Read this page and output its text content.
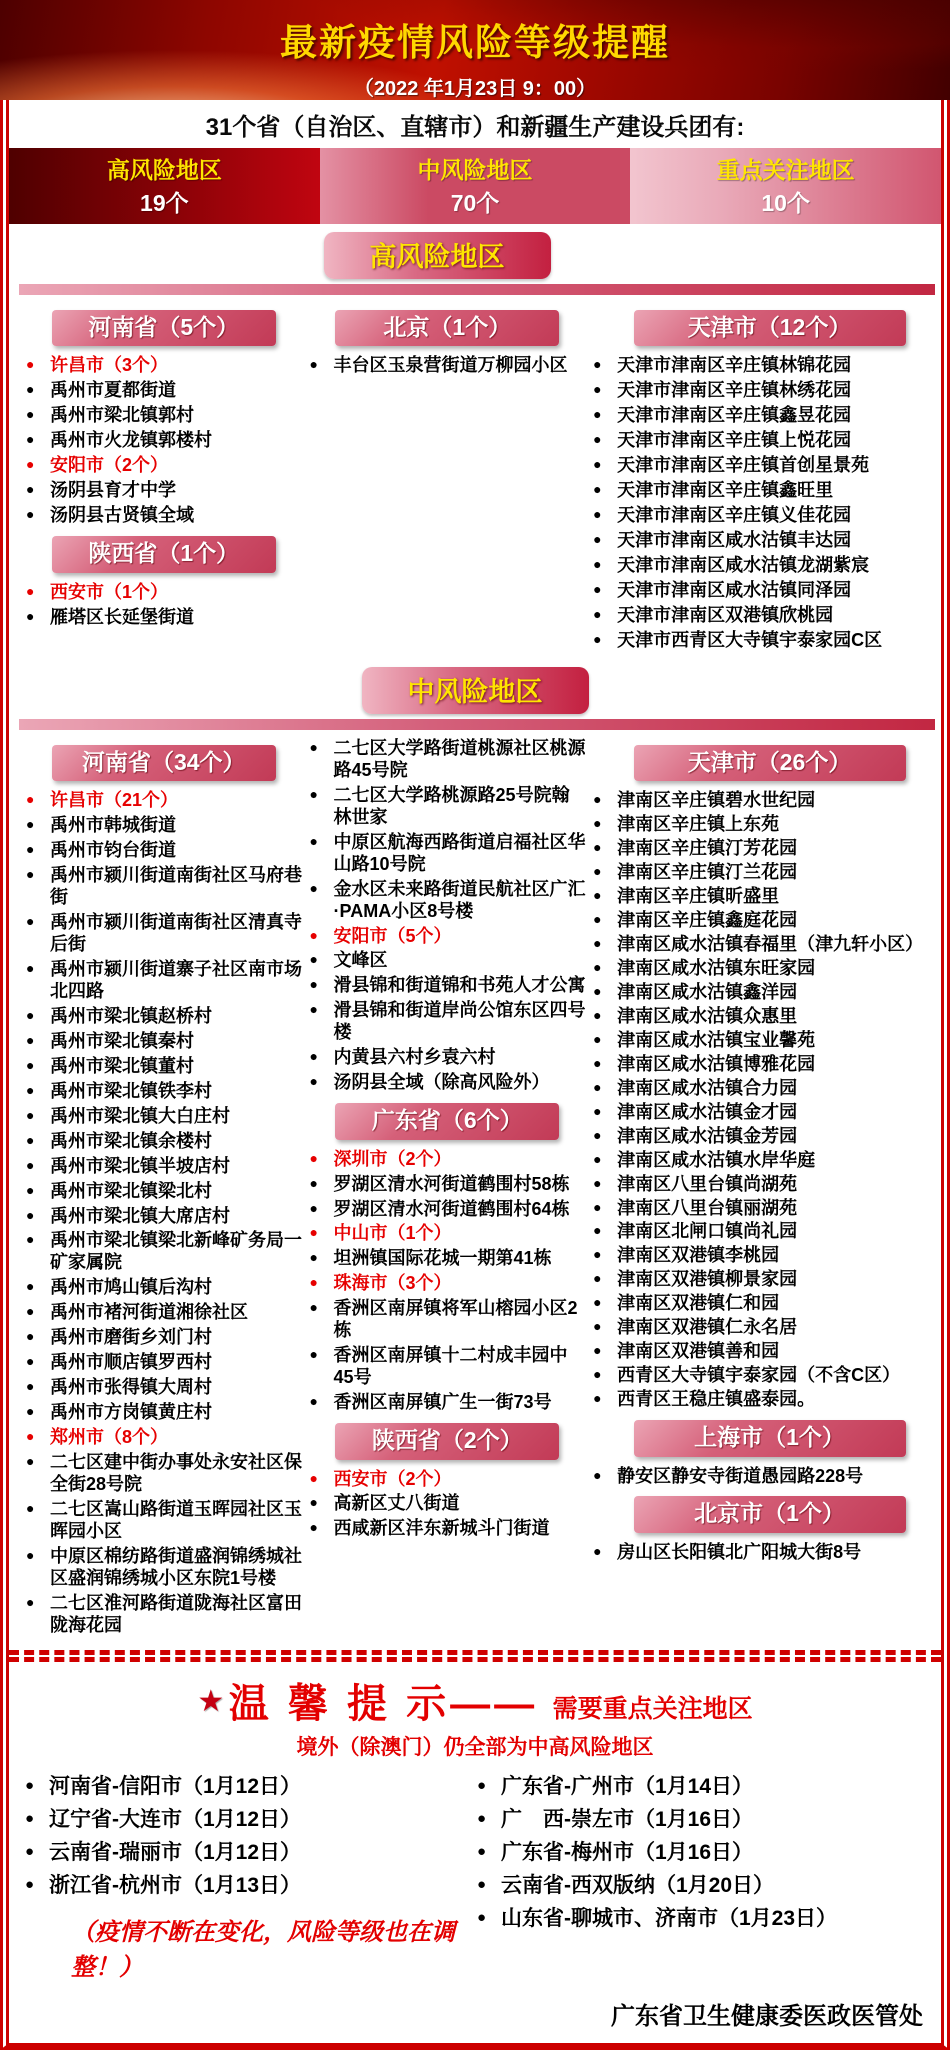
最新疫情风险等级提醒
（2022 年1月23日 9：00）
31个省（自治区、直辖市）和新疆生产建设兵团有:
高风险地区
19个
中风险地区
70个
重点关注地区
10个
高风险地区
河南省（5个）
●
许昌市（3个）
●
禹州市夏都街道
●
禹州市梁北镇郭村
●
禹州市火龙镇郭楼村
●
安阳市（2个）
●
汤阴县育才中学
●
汤阴县古贤镇全域
陕西省（1个）
●
西安市（1个）
●
雁塔区长延堡街道
北京（1个）
●
丰台区玉泉营街道万柳园小区
天津市（12个）
●
天津市津南区辛庄镇林锦花园
●
天津市津南区辛庄镇林绣花园
●
天津市津南区辛庄镇鑫昱花园
●
天津市津南区辛庄镇上悦花园
●
天津市津南区辛庄镇首创星景苑
●
天津市津南区辛庄镇鑫旺里
●
天津市津南区辛庄镇义佳花园
●
天津市津南区咸水沽镇丰达园
●
天津市津南区咸水沽镇龙湖紫宸
●
天津市津南区咸水沽镇同泽园
●
天津市津南区双港镇欣桃园
●
天津市西青区大寺镇宇泰家园C区
中风险地区
河南省（34个）
●
许昌市（21个）
●
禹州市韩城街道
●
禹州市钧台街道
●
禹州市颍川街道南街社区马府巷街
●
禹州市颍川街道南街社区清真寺后街
●
禹州市颍川街道寨子社区南市场北四路
●
禹州市梁北镇赵桥村
●
禹州市梁北镇秦村
●
禹州市梁北镇董村
●
禹州市梁北镇铁李村
●
禹州市梁北镇大白庄村
●
禹州市梁北镇余楼村
●
禹州市梁北镇半坡店村
●
禹州市梁北镇梁北村
●
禹州市梁北镇大席店村
●
禹州市梁北镇梁北新峰矿务局一矿家属院
●
禹州市鸠山镇后沟村
●
禹州市褚河街道湘徐社区
●
禹州市磨街乡刘门村
●
禹州市顺店镇罗西村
●
禹州市张得镇大周村
●
禹州市方岗镇黄庄村
●
郑州市（8个）
●
二七区建中街办事处永安社区保全街28号院
●
二七区嵩山路街道玉晖园社区玉晖园小区
●
中原区棉纺路街道盛润锦绣城社区盛润锦绣城小区东院1号楼
●
二七区淮河路街道陇海社区富田陇海花园
●
二七区大学路街道桃源社区桃源路45号院
●
二七区大学路桃源路25号院翰林世家
●
中原区航海西路街道启福社区华山路10号院
●
金水区未来路街道民航社区广汇·PAMA小区8号楼
●
安阳市（5个）
●
文峰区
●
滑县锦和街道锦和书苑人才公寓
●
滑县锦和街道岸尚公馆东区四号楼
●
内黄县六村乡袁六村
●
汤阴县全域（除高风险外）
广东省（6个）
●
深圳市（2个）
●
罗湖区清水河街道鹤围村58栋
●
罗湖区清水河街道鹤围村64栋
●
中山市（1个）
●
坦洲镇国际花城一期第41栋
●
珠海市（3个）
●
香洲区南屏镇将军山榕园小区2栋
●
香洲区南屏镇十二村成丰园中45号
●
香洲区南屏镇广生一街73号
陕西省（2个）
●
西安市（2个）
●
高新区丈八街道
●
西咸新区沣东新城斗门街道
天津市（26个）
●
津南区辛庄镇碧水世纪园
●
津南区辛庄镇上东苑
●
津南区辛庄镇汀芳花园
●
津南区辛庄镇汀兰花园
●
津南区辛庄镇昕盛里
●
津南区辛庄镇鑫庭花园
●
津南区咸水沽镇春福里（津九轩小区）
●
津南区咸水沽镇东旺家园
●
津南区咸水沽镇鑫洋园
●
津南区咸水沽镇众惠里
●
津南区咸水沽镇宝业馨苑
●
津南区咸水沽镇博雅花园
●
津南区咸水沽镇合力园
●
津南区咸水沽镇金才园
●
津南区咸水沽镇金芳园
●
津南区咸水沽镇水岸华庭
●
津南区八里台镇尚湖苑
●
津南区八里台镇丽湖苑
●
津南区北闸口镇尚礼园
●
津南区双港镇李桃园
●
津南区双港镇柳景家园
●
津南区双港镇仁和园
●
津南区双港镇仁永名居
●
津南区双港镇善和园
●
西青区大寺镇宇泰家园（不含C区）
●
西青区王稳庄镇盛泰园。
上海市（1个）
●
静安区静安寺街道愚园路228号
北京市（1个）
●
房山区长阳镇北广阳城大街8号
★ 温 馨 提 示—— 需要重点关注地区
境外（除澳门）仍全部为中高风险地区
●
河南省-信阳市（1月12日）
●
辽宁省-大连市（1月12日）
●
云南省-瑞丽市（1月12日）
●
浙江省-杭州市（1月13日）
（疫情不断在变化，风险等级也在调整！）
●
广东省-广州市（1月14日）
●
广　西-崇左市（1月16日）
●
广东省-梅州市（1月16日）
●
云南省-西双版纳（1月20日）
●
山东省-聊城市、济南市（1月23日）
广东省卫生健康委医政医管处
